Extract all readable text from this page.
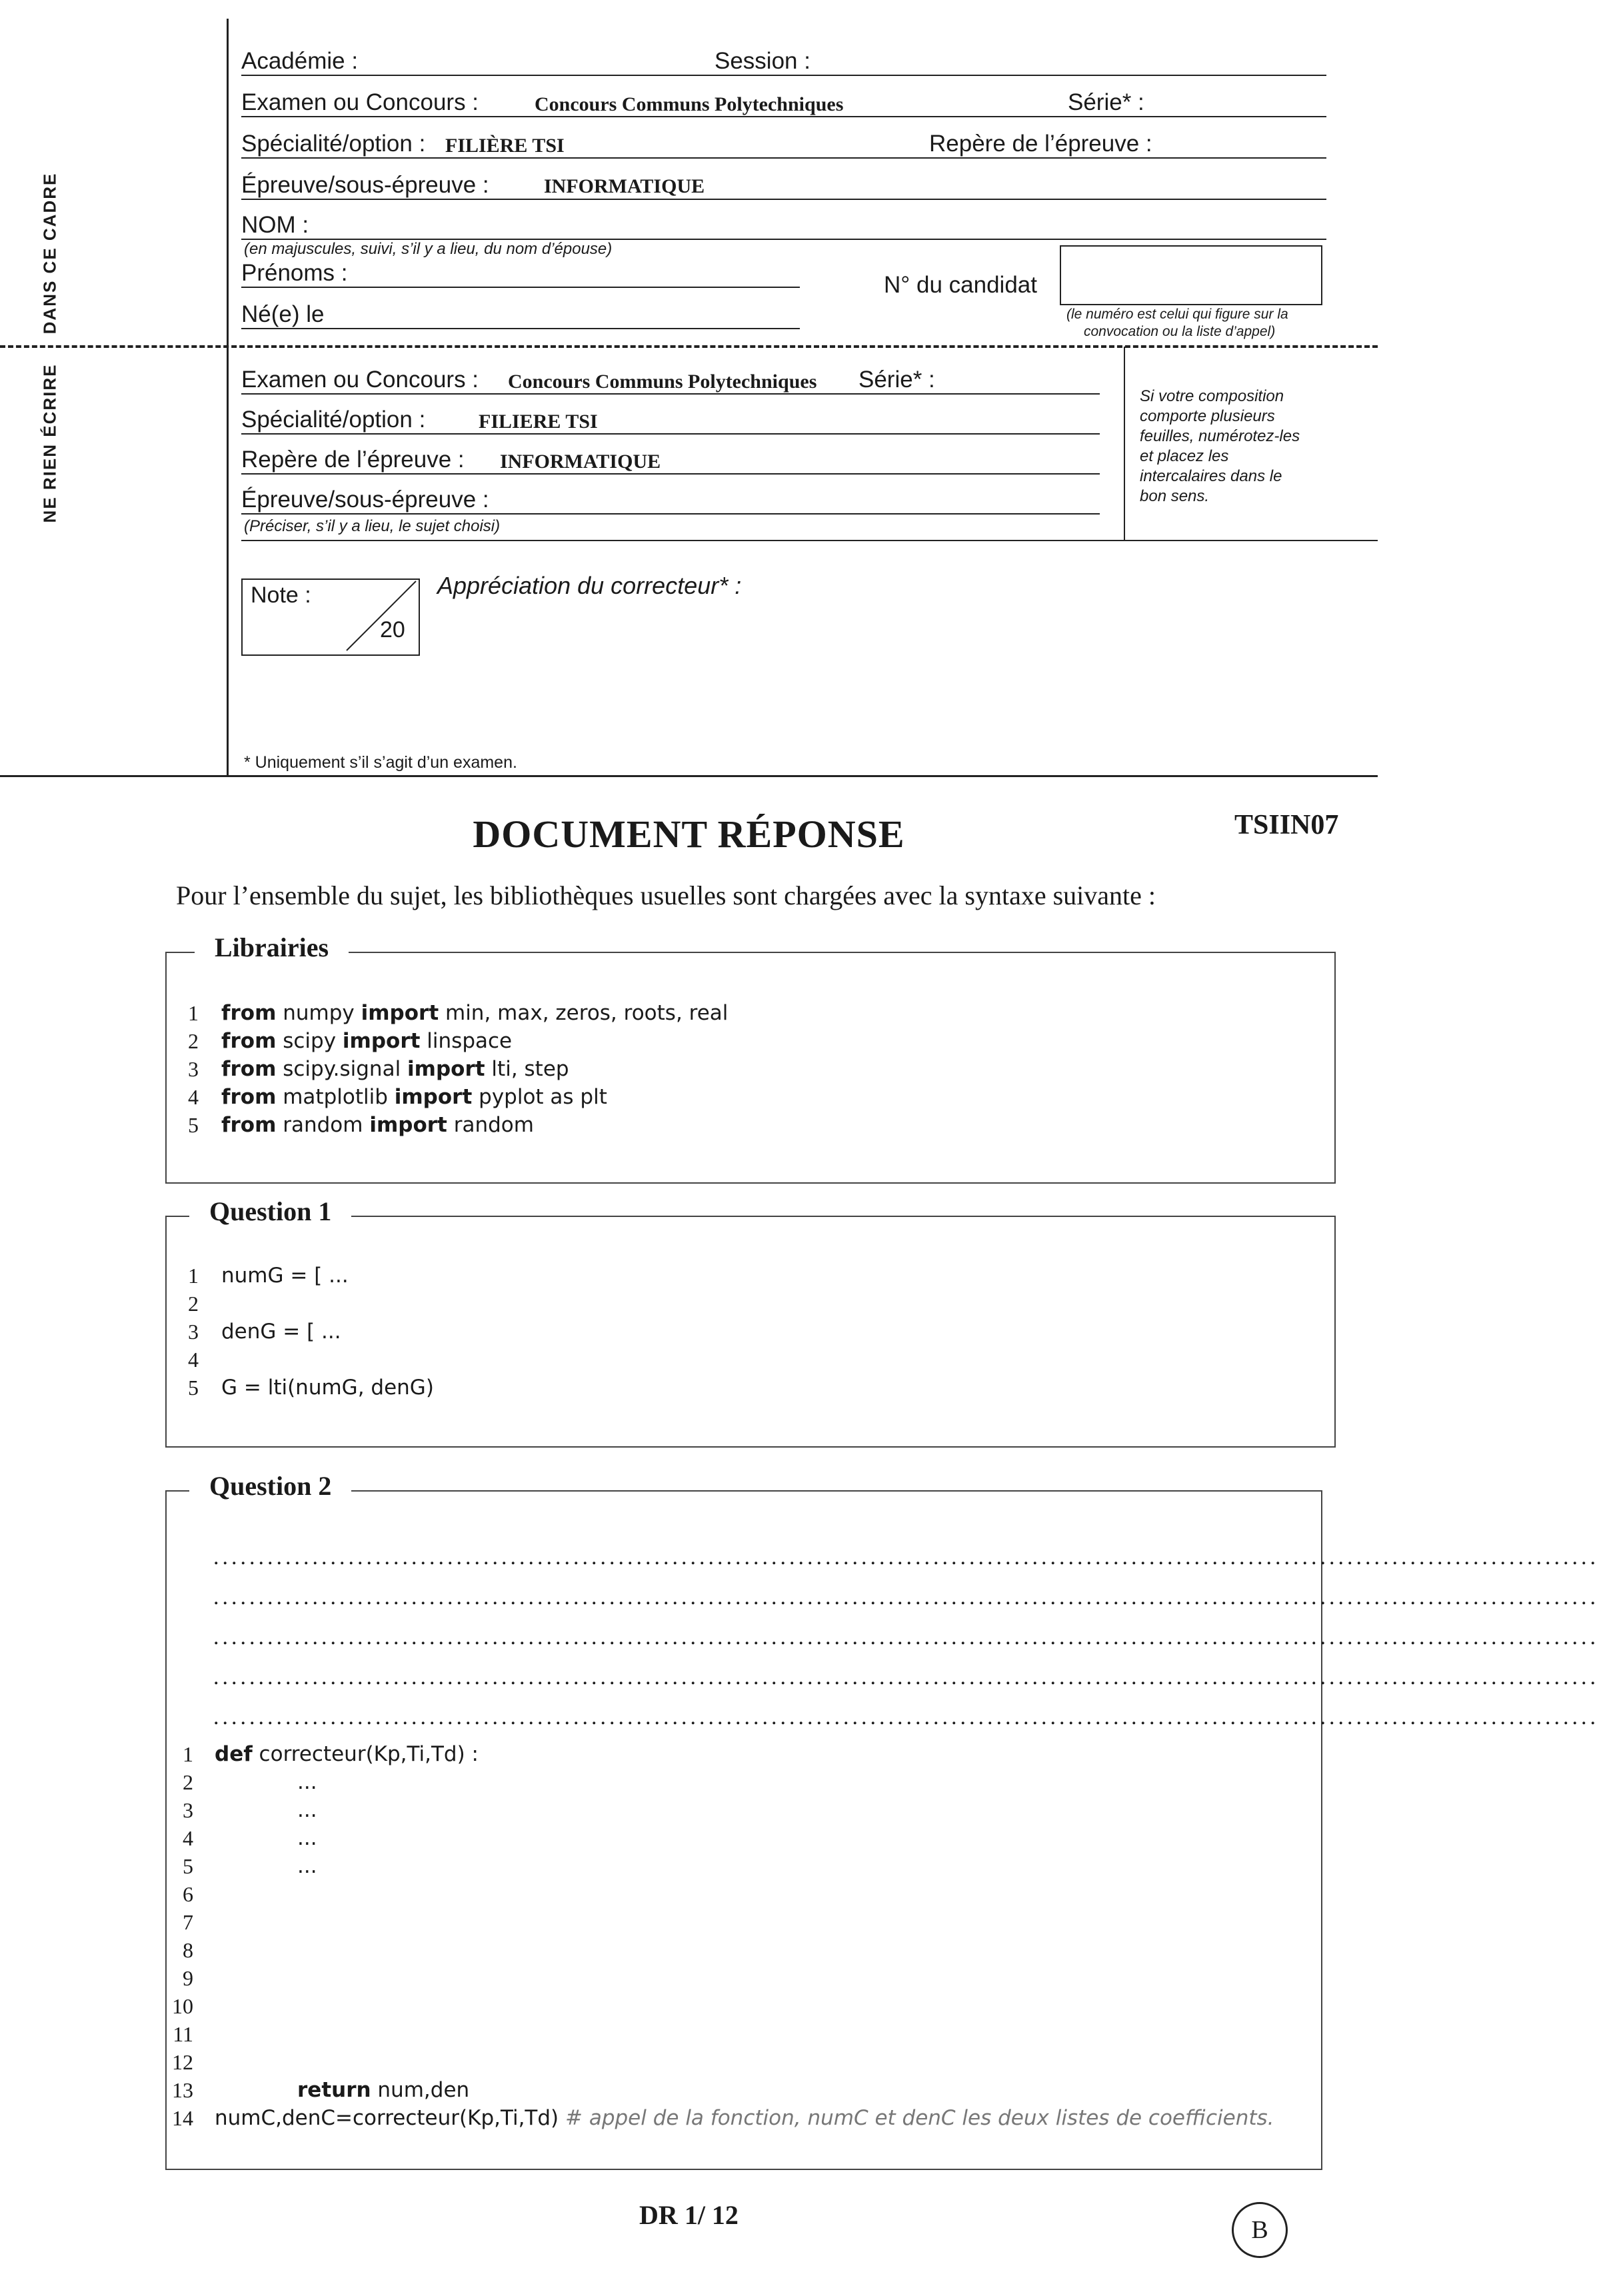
DANS CE CADRE
NE RIEN ÉCRIRE
Académie :	Session :
Examen ou Concours :	Concours Communs Polytechniques	Série* :
Spécialité/option : FILIÈRE TSI	Repère de l’épreuve :
Épreuve/sous-épreuve :	INFORMATIQUE
NOM :
(en majuscules, suivi, s’il y a lieu, du nom d’épouse)
Prénoms :
Né(e) le
N° du candidat
(le numéro est celui qui figure sur la
convocation ou la liste d’appel)
Examen ou Concours : Concours Communs Polytechniques Série* :
Spécialité/option :	FILIERE TSI
Repère de l’épreuve : INFORMATIQUE
Épreuve/sous-épreuve :
(Préciser, s’il y a lieu, le sujet choisi)
Si votre composition
comporte plusieurs
feuilles, numérotez-les
et placez les
intercalaires dans le
bon sens.
Note :
20
Appréciation du correcteur* :
* Uniquement s’il s’agit d’un examen.
DOCUMENT RÉPONSE	TSIIN07
Pour l’ensemble du sujet, les bibliothèques usuelles sont chargées avec la syntaxe suivante :
Librairies
1 from numpy import min, max, zeros, roots, real
2 from scipy import linspace
3 from scipy.signal import lti, step
4 from matplotlib import pyplot as plt
5 from random import random
Question 1
1 numG = [ ...
2
3 denG = [ ...
4
5 G = lti(numG, denG)
Question 2
..........................................................................................................................................................
..........................................................................................................................................................
..........................................................................................................................................................
..........................................................................................................................................................
..........................................................................................................................................................
1
2
3
4
5
6
7
8
9
10
11
12
13
14
def correcteur(Kp,Ti,Td) :
...
...
...
...
return num,den
numC,denC=correcteur(Kp,Ti,Td) # appel de la fonction, numC et denC les deux listes de coefficients.
DR 1/ 12	B
